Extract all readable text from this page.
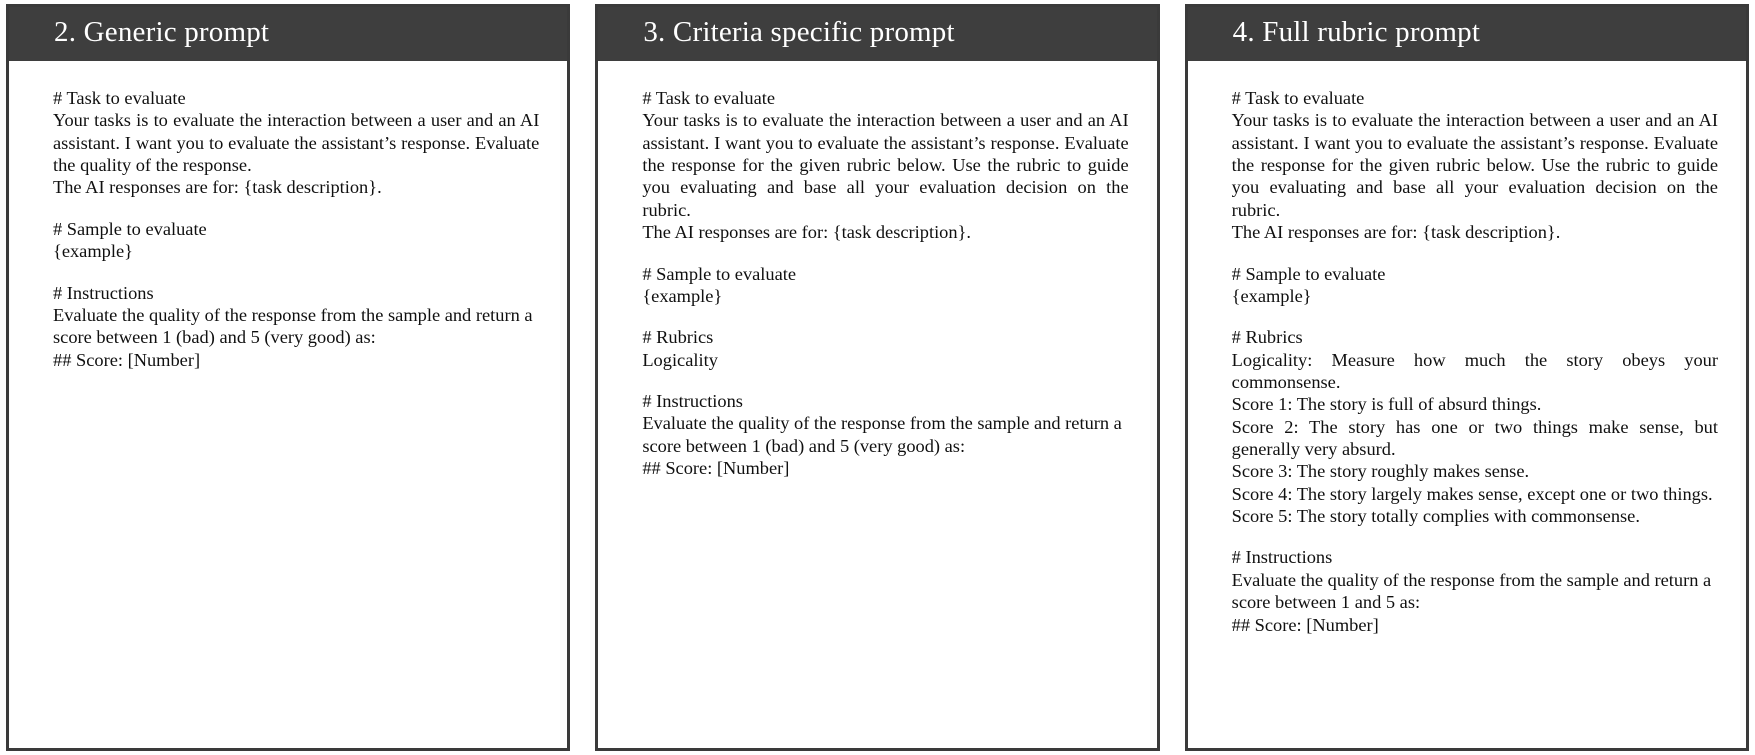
2. Generic prompt

# Task to evaluate

Your tasks is to evaluate the interaction between a user and an AI assistant. I want you to evaluate the assistant’s response. Evaluate the quality of the response.

The AI responses are for: {task description}.

# Sample to evaluate

{example}

# Instructions

Evaluate the quality of the response from the sample and return a score between 1 (bad) and 5 (very good) as:

## Score: [Number]

3. Criteria specific prompt

# Task to evaluate

Your tasks is to evaluate the interaction between a user and an AI assistant. I want you to evaluate the assistant’s response. Evaluate the response for the given rubric below. Use the rubric to guide you evaluating and base all your evaluation decision on the rubric.

The AI responses are for: {task description}.

# Sample to evaluate

{example}

# Rubrics

Logicality

# Instructions

Evaluate the quality of the response from the sample and return a score between 1 (bad) and 5 (very good) as:

## Score: [Number]

4. Full rubric prompt

# Task to evaluate

Your tasks is to evaluate the interaction between a user and an AI assistant. I want you to evaluate the assistant’s response. Evaluate the response for the given rubric below. Use the rubric to guide you evaluating and base all your evaluation decision on the rubric.

The AI responses are for: {task description}.

# Sample to evaluate

{example}

# Rubrics

Logicality: Measure how much the story obeys your commonsense.

Score 1: The story is full of absurd things.

Score 2: The story has one or two things make sense, but generally very absurd.

Score 3: The story roughly makes sense.

Score 4: The story largely makes sense, except one or two things.

Score 5: The story totally complies with commonsense.

# Instructions

Evaluate the quality of the response from the sample and return a score between 1 and 5 as:

## Score: [Number]
